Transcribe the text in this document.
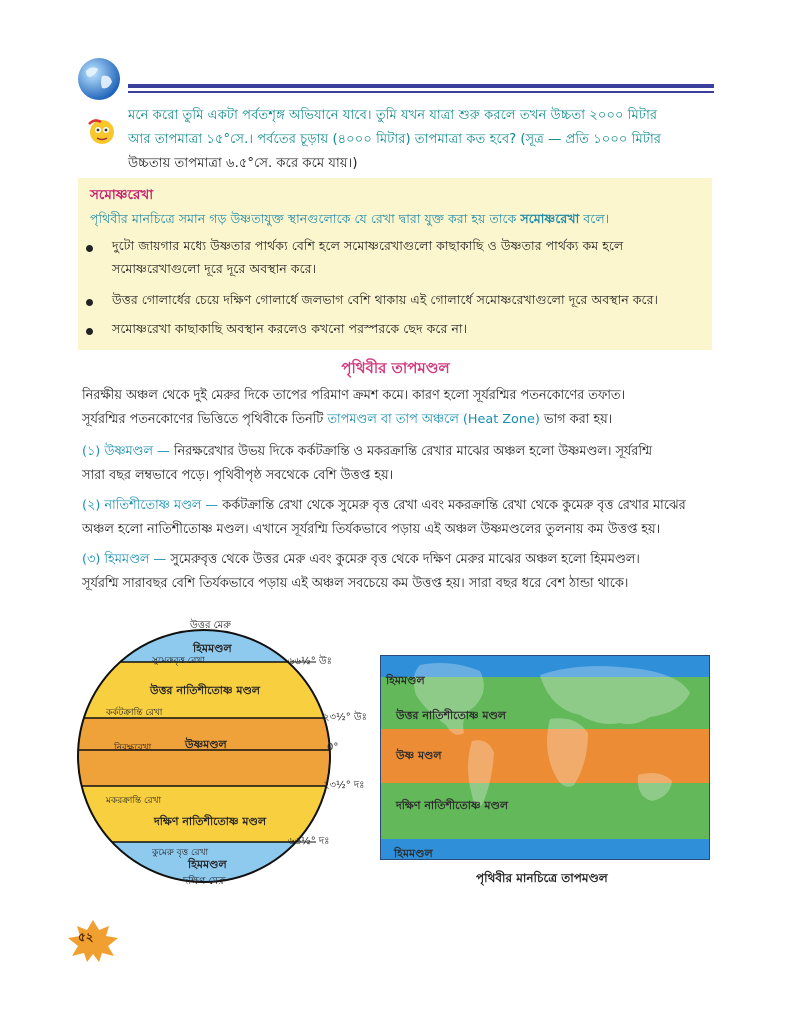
মনে করো তুমি একটা পর্বতশৃঙ্গ অভিযানে যাবে। তুমি যখন যাত্রা শুরু করলে তখন উচ্চতা ২০০০ মিটার
আর তাপমাত্রা ১৫°সে.। পর্বতের চূড়ায় (৪০০০ মিটার) তাপমাত্রা কত হবে? (সূত্র — প্রতি ১০০০ মিটার
উচ্চতায় তাপমাত্রা ৬.৫°সে. করে কমে যায়।)
সমোষ্ণরেখা
পৃথিবীর মানচিত্রে সমান গড় উষ্ণতাযুক্ত স্থানগুলোকে যে রেখা দ্বারা যুক্ত করা হয় তাকে সমোষ্ণরেখা বলে।
দুটো জায়গার মধ্যে উষ্ণতার পার্থক্য বেশি হলে সমোষ্ণরেখাগুলো কাছাকাছি ও উষ্ণতার পার্থক্য কম হলে
সমোষ্ণরেখাগুলো দূরে দূরে অবস্থান করে।
উত্তর গোলার্ধের চেয়ে দক্ষিণ গোলার্ধে জলভাগ বেশি থাকায় এই গোলার্ধে সমোষ্ণরেখাগুলো দূরে অবস্থান করে।
সমোষ্ণরেখা কাছাকাছি অবস্থান করলেও কখনো পরস্পরকে ছেদ করে না।
পৃথিবীর তাপমণ্ডল
নিরক্ষীয় অঞ্চল থেকে দুই মেরুর দিকে তাপের পরিমাণ ক্রমশ কমে। কারণ হলো সূর্যরশ্মির পতনকোণের তফাত।
সূর্যরশ্মির পতনকোণের ভিত্তিতে পৃথিবীকে তিনটি তাপমণ্ডল বা তাপ অঞ্চলে (Heat Zone) ভাগ করা হয়।
(১) উষ্ণমণ্ডল — নিরক্ষরেখার উভয় দিকে কর্কটক্রান্তি ও মকরক্রান্তি রেখার মাঝের অঞ্চল হলো উষ্ণমণ্ডল। সূর্যরশ্মি
সারা বছর লম্বভাবে পড়ে। পৃথিবীপৃষ্ঠ সবথেকে বেশি উত্তপ্ত হয়।
(২) নাতিশীতোষ্ণ মণ্ডল — কর্কটক্রান্তি রেখা থেকে সুমেরু বৃত্ত রেখা এবং মকরক্রান্তি রেখা থেকে কুমেরু বৃত্ত রেখার মাঝের
অঞ্চল হলো নাতিশীতোষ্ণ মণ্ডল। এখানে সূর্যরশ্মি তির্যকভাবে পড়ায় এই অঞ্চল উষ্ণমণ্ডলের তুলনায় কম উত্তপ্ত হয়।
(৩) হিমমণ্ডল — সুমেরুবৃত্ত থেকে উত্তর মেরু এবং কুমেরু বৃত্ত থেকে দক্ষিণ মেরুর মাঝের অঞ্চল হলো হিমমণ্ডল।
সূর্যরশ্মি সারাবছর বেশি তির্যকভাবে পড়ায় এই অঞ্চল সবচেয়ে কম উত্তপ্ত হয়। সারা বছর ধরে বেশ ঠান্ডা থাকে।
উত্তর মেরু
হিমমণ্ডল
সুমেরুবৃত্ত রেখা
উত্তর নাতিশীতোষ্ণ মণ্ডল
কর্কটক্রান্তি রেখা
নিরক্ষরেখা	উষ্ণমণ্ডল
মকরক্রান্তি রেখা
দক্ষিণ নাতিশীতোষ্ণ মণ্ডল
কুমেরু বৃত্ত রেখা
হিমমণ্ডল
দক্ষিণ মেরু
৬৬½° উঃ
২৩½° উঃ
0°
২৩½° দঃ
৬৬½° দঃ
হিমমণ্ডল
উত্তর নাতিশীতোষ্ণ মণ্ডল
উষ্ণ মণ্ডল
দক্ষিণ নাতিশীতোষ্ণ মণ্ডল
হিমমণ্ডল
পৃথিবীর মানচিত্রে তাপমণ্ডল
৫২
